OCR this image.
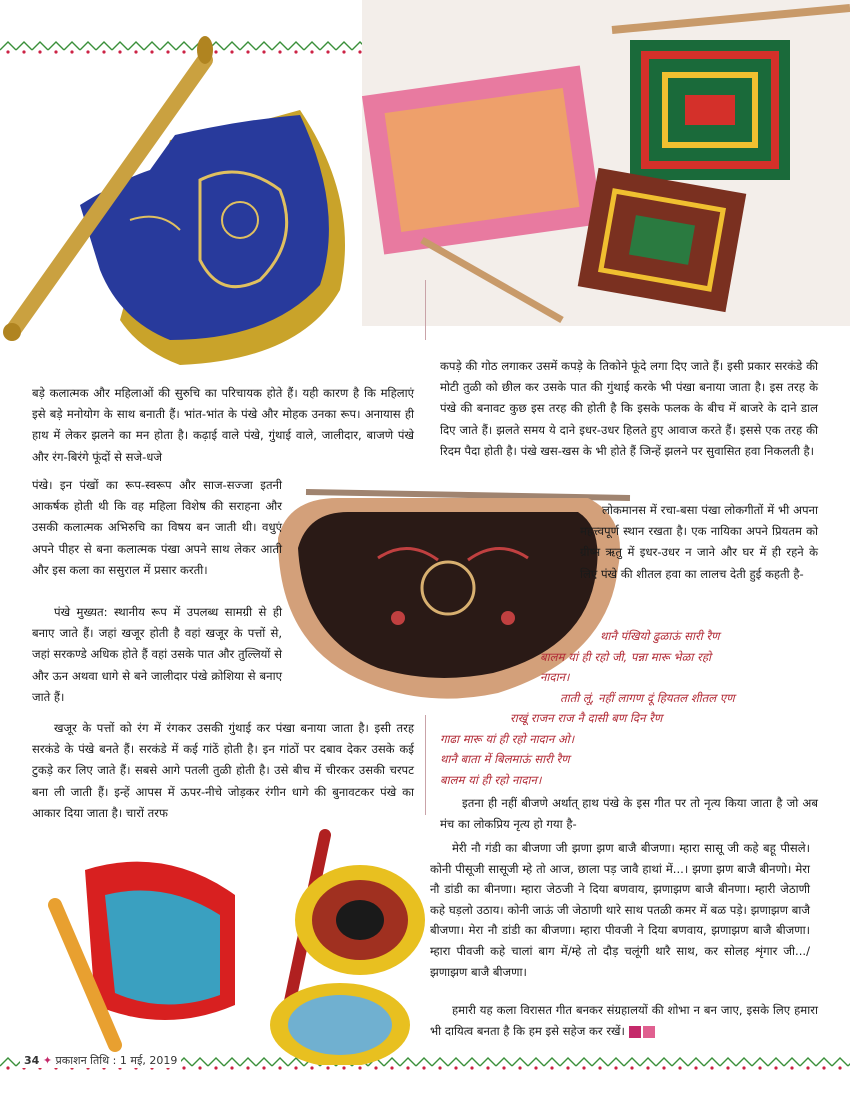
बड़े कलात्मक और महिलाओं की सुरुचि का परिचायक होते हैं। यही कारण है कि महिलाएं इसे बड़े मनोयोग के साथ बनाती हैं। भांत-भांत के पंखे और मोहक उनका रूप। अनायास ही हाथ में लेकर झलने का मन होता है। कढ़ाई वाले पंखे, गुंथाई वाले, जालीदार, बाजणे पंखे और रंग-बिरंगे फूंदों से सजे-धजे

पंखे। इन पंखों का रूप-स्वरूप और साज-सज्जा इतनी आकर्षक होती थी कि वह महिला विशेष की सराहना और उसकी कलात्मक अभिरुचि का विषय बन जाती थी। वधुएं अपने पीहर से बना कलात्मक पंखा अपने साथ लेकर आती और इस कला का ससुराल में प्रसार करती।

पंखे मुख्यत: स्थानीय रूप में उपलब्ध सामग्री से ही बनाए जाते हैं। जहां खजूर होती है वहां खजूर के पत्तों से, जहां सरकण्डे अधिक होते हैं वहां उसके पात और तुल्लियों से और ऊन अथवा धागे से बने जालीदार पंखे क्रोशिया से बनाए जाते हैं।

खजूर के पत्तों को रंग में रंगकर उसकी गुंथाई कर पंखा बनाया जाता है। इसी तरह सरकंडे के पंखे बनते हैं। सरकंडे में कई गांठें होती है। इन गांठों पर दबाव देकर उसके कई टुकड़े कर लिए जाते हैं। सबसे आगे पतली तुळी होती है। उसे बीच में चीरकर उसकी चरपट बना ली जाती हैं। इन्हें आपस में ऊपर-नीचे जोड़कर रंगीन धागे की बुनावटकर पंखे का आकार दिया जाता है। चारों तरफ

कपड़े की गोठ लगाकर उसमें कपड़े के तिकोने फूंदे लगा दिए जाते हैं। इसी प्रकार सरकंडे की मोटी तुळी को छील कर उसके पात की गुंथाई करके भी पंखा बनाया जाता है। इस तरह के पंखे की बनावट कुछ इस तरह की होती है कि इसके फलक के बीच में बाजरे के दाने डाल दिए जाते हैं। झलते समय ये दाने इधर-उधर हिलते हुए आवाज करते हैं। इससे एक तरह की रिदम पैदा होती है। पंखे खस-खस के भी होते हैं जिन्हें झलने पर सुवासित हवा निकलती है।

लोकमानस में रचा-बसा पंखा लोकगीतों में भी अपना महत्त्वपूर्ण स्थान रखता है। एक नायिका अपने प्रियतम को ग्रीष्म ऋतु में इधर-उधर न जाने और घर में ही रहने के लिए पंखे की शीतल हवा का लालच देती हुई कहती है-

थानै पंखियो ढुळाऊं सारी रैण
बालम यां ही रहो जी, पन्ना मारू भेळा रहो
नादान।
ताती लूं, नहीं लागण दूं हियतल शीतल एण
राखूं राजन राज नै दासी बण दिन रैण
गाढा मारू यां ही रहो नादान ओ।
थानै बाता में बिलमाऊं सारी रैण
बालम यां ही रहो नादान।

इतना ही नहीं बीजणे अर्थात् हाथ पंखे के इस गीत पर तो नृत्य किया जाता है जो अब मंच का लोकप्रिय नृत्य हो गया है-

मेरी नौ गंडी का बीजणा जी झणा झण बाजै बीजणा। म्हारा सासू जी कहे बहू पीसले। कोनी पीसूजी सासूजी म्हे तो आज, छाला पड़ जावै हाथां में...। झणा झण बाजै बीनणो। मेरा नौ डांडी का बीनणा। म्हारा जेठजी ने दिया बणवाय, झणाझण बाजै बीनणा। म्हारी जेठाणी कहे घड़लो उठाय। कोनी जाऊं जी जेठाणी थारे साथ पतळी कमर में बळ पड़े। झणाझण बाजै बीजणा। मेरा नौ डांडी का बीजणा। म्हारा पीवजी ने दिया बणवाय, झणाझण बाजै बीजणा। म्हारा पीवजी कहे चालां बाग में/म्हे तो दौड़ चलूंगी थारै साथ, कर सोलह शृंगार जी.../झणाझण बाजै बीजणा।

हमारी यह कला विरासत गीत बनकर संग्रहालयों की शोभा न बन जाए, इसके लिए हमारा भी दायित्व बनता है कि हम इसे सहेज कर रखें।

34 ✦ प्रकाशन तिथि : 1 मई, 2019
